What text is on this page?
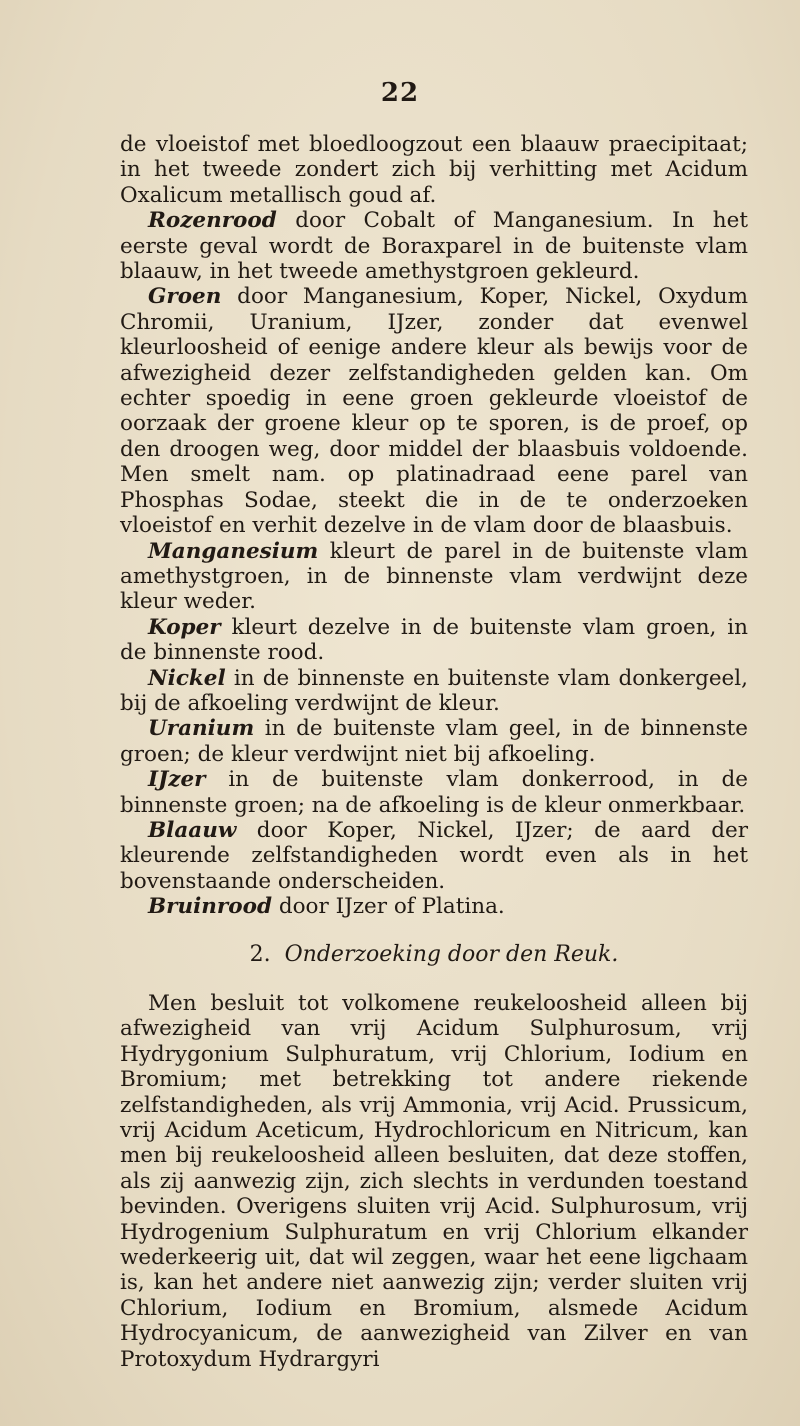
22

de vloeistof met bloedloogzout een blaauw praecipitaat; in het tweede zondert zich bij verhitting met Acidum Oxalicum metallisch goud af.

Rozenrood door Cobalt of Manganesium. In het eerste geval wordt de Boraxparel in de buitenste vlam blaauw, in het tweede amethystgroen gekleurd.

Groen door Manganesium, Koper, Nickel, Oxydum Chromii, Uranium, IJzer, zonder dat evenwel kleurloosheid of eenige andere kleur als bewijs voor de afwezigheid dezer zelfstandigheden gelden kan. Om echter spoedig in eene groen gekleurde vloeistof de oorzaak der groene kleur op te sporen, is de proef, op den droogen weg, door middel der blaasbuis voldoende. Men smelt nam. op platinadraad eene parel van Phosphas Sodae, steekt die in de te onderzoeken vloeistof en verhit dezelve in de vlam door de blaasbuis.

Manganesium kleurt de parel in de buitenste vlam amethystgroen, in de binnenste vlam verdwijnt deze kleur weder.

Koper kleurt dezelve in de buitenste vlam groen, in de binnenste rood.

Nickel in de binnenste en buitenste vlam donkergeel, bij de afkoeling verdwijnt de kleur.

Uranium in de buitenste vlam geel, in de binnenste groen; de kleur verdwijnt niet bij afkoeling.

IJzer in de buitenste vlam donkerrood, in de binnenste groen; na de afkoeling is de kleur onmerkbaar.

Blaauw door Koper, Nickel, IJzer; de aard der kleurende zelfstandigheden wordt even als in het bovenstaande onderscheiden.

Bruinrood door IJzer of Platina.

2. Onderzoeking door den Reuk.

Men besluit tot volkomene reukeloosheid alleen bij afwezigheid van vrij Acidum Sulphurosum, vrij Hydrygonium Sulphuratum, vrij Chlorium, Iodium en Bromium; met betrekking tot andere riekende zelfstandigheden, als vrij Ammonia, vrij Acid. Prussicum, vrij Acidum Aceticum, Hydrochloricum en Nitricum, kan men bij reukeloosheid alleen besluiten, dat deze stoffen, als zij aanwezig zijn, zich slechts in verdunden toestand bevinden. Overigens sluiten vrij Acid. Sulphurosum, vrij Hydrogenium Sulphuratum en vrij Chlorium elkander wederkeerig uit, dat wil zeggen, waar het eene ligchaam is, kan het andere niet aanwezig zijn; verder sluiten vrij Chlorium, Iodium en Bromium, alsmede Acidum Hydrocyanicum, de aanwezigheid van Zilver en van Protoxydum Hydrargyri
